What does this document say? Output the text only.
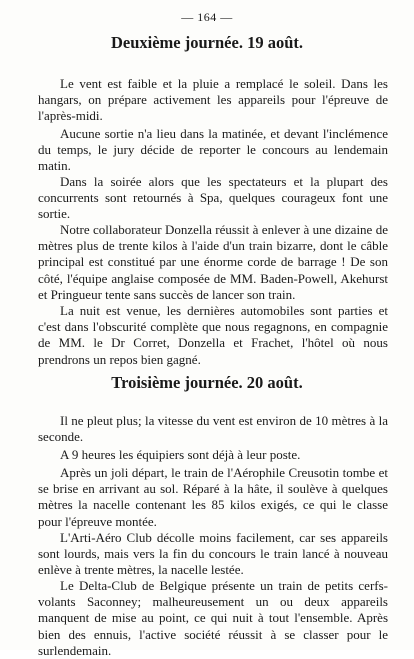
— 164 —
Deuxième journée. 19 août.

Le vent est faible et la pluie a remplacé le soleil. Dans les hangars, on prépare activement les appareils pour l'épreuve de l'après-midi.

Aucune sortie n'a lieu dans la matinée, et devant l'inclémence du temps, le jury décide de reporter le concours au lendemain matin.

Dans la soirée alors que les spectateurs et la plupart des concurrents sont retournés à Spa, quelques courageux font une sortie.

Notre collaborateur Donzella réussit à enlever à une dizaine de mètres plus de trente kilos à l'aide d'un train bizarre, dont le câble principal est constitué par une énorme corde de barrage ! De son côté, l'équipe anglaise composée de MM. Baden-Powell, Akehurst et Pringueur tente sans succès de lancer son train.

La nuit est venue, les dernières automobiles sont parties et c'est dans l'obscurité complète que nous regagnons, en compagnie de MM. le Dr Corret, Donzella et Frachet, l'hôtel où nous prendrons un repos bien gagné.

Troisième journée. 20 août.

Il ne pleut plus; la vitesse du vent est environ de 10 mètres à la seconde.

A 9 heures les équipiers sont déjà à leur poste.

Après un joli départ, le train de l'Aérophile Creusotin tombe et se brise en arrivant au sol. Réparé à la hâte, il soulève à quelques mètres la nacelle contenant les 85 kilos exigés, ce qui le classe pour l'épreuve montée.

L'Arti-Aéro Club décolle moins facilement, car ses appareils sont lourds, mais vers la fin du concours le train lancé à nouveau enlève à trente mètres, la nacelle lestée.

Le Delta-Club de Belgique présente un train de petits cerfs-volants Saconney; malheureusement un ou deux appareils manquent de mise au point, ce qui nuit à tout l'ensemble. Après bien des ennuis, l'active société réussit à se classer pour le surlendemain.
